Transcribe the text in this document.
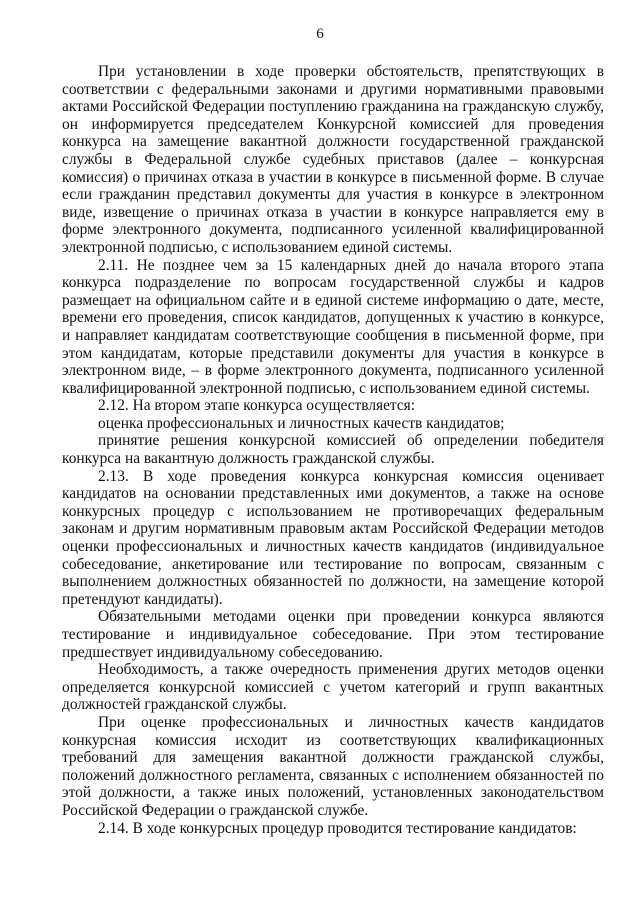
6

При установлении в ходе проверки обстоятельств, препятствующих в соответствии с федеральными законами и другими нормативными правовыми актами Российской Федерации поступлению гражданина на гражданскую службу, он информируется председателем Конкурсной комиссией для проведения конкурса на замещение вакантной должности государственной гражданской службы в Федеральной службе судебных приставов (далее – конкурсная комиссия) о причинах отказа в участии в конкурсе в письменной форме. В случае если гражданин представил документы для участия в конкурсе в электронном виде, извещение о причинах отказа в участии в конкурсе направляется ему в форме электронного документа, подписанного усиленной квалифицированной электронной подписью, с использованием единой системы.

2.11. Не позднее чем за 15 календарных дней до начала второго этапа конкурса подразделение по вопросам государственной службы и кадров размещает на официальном сайте и в единой системе информацию о дате, месте, времени его проведения, список кандидатов, допущенных к участию в конкурсе, и направляет кандидатам соответствующие сообщения в письменной форме, при этом кандидатам, которые представили документы для участия в конкурсе в электронном виде, – в форме электронного документа, подписанного усиленной квалифицированной электронной подписью, с использованием единой системы.

2.12. На втором этапе конкурса осуществляется:

оценка профессиональных и личностных качеств кандидатов;

принятие решения конкурсной комиссией об определении победителя конкурса на вакантную должность гражданской службы.

2.13. В ходе проведения конкурса конкурсная комиссия оценивает кандидатов на основании представленных ими документов, а также на основе конкурсных процедур с использованием не противоречащих федеральным законам и другим нормативным правовым актам Российской Федерации методов оценки профессиональных и личностных качеств кандидатов (индивидуальное собеседование, анкетирование или тестирование по вопросам, связанным с выполнением должностных обязанностей по должности, на замещение которой претендуют кандидаты).

Обязательными методами оценки при проведении конкурса являются тестирование и индивидуальное собеседование. При этом тестирование предшествует индивидуальному собеседованию.

Необходимость, а также очередность применения других методов оценки определяется конкурсной комиссией с учетом категорий и групп вакантных должностей гражданской службы.

При оценке профессиональных и личностных качеств кандидатов конкурсная комиссия исходит из соответствующих квалификационных требований для замещения вакантной должности гражданской службы, положений должностного регламента, связанных с исполнением обязанностей по этой должности, а также иных положений, установленных законодательством Российской Федерации о гражданской службе.

2.14. В ходе конкурсных процедур проводится тестирование кандидатов:
